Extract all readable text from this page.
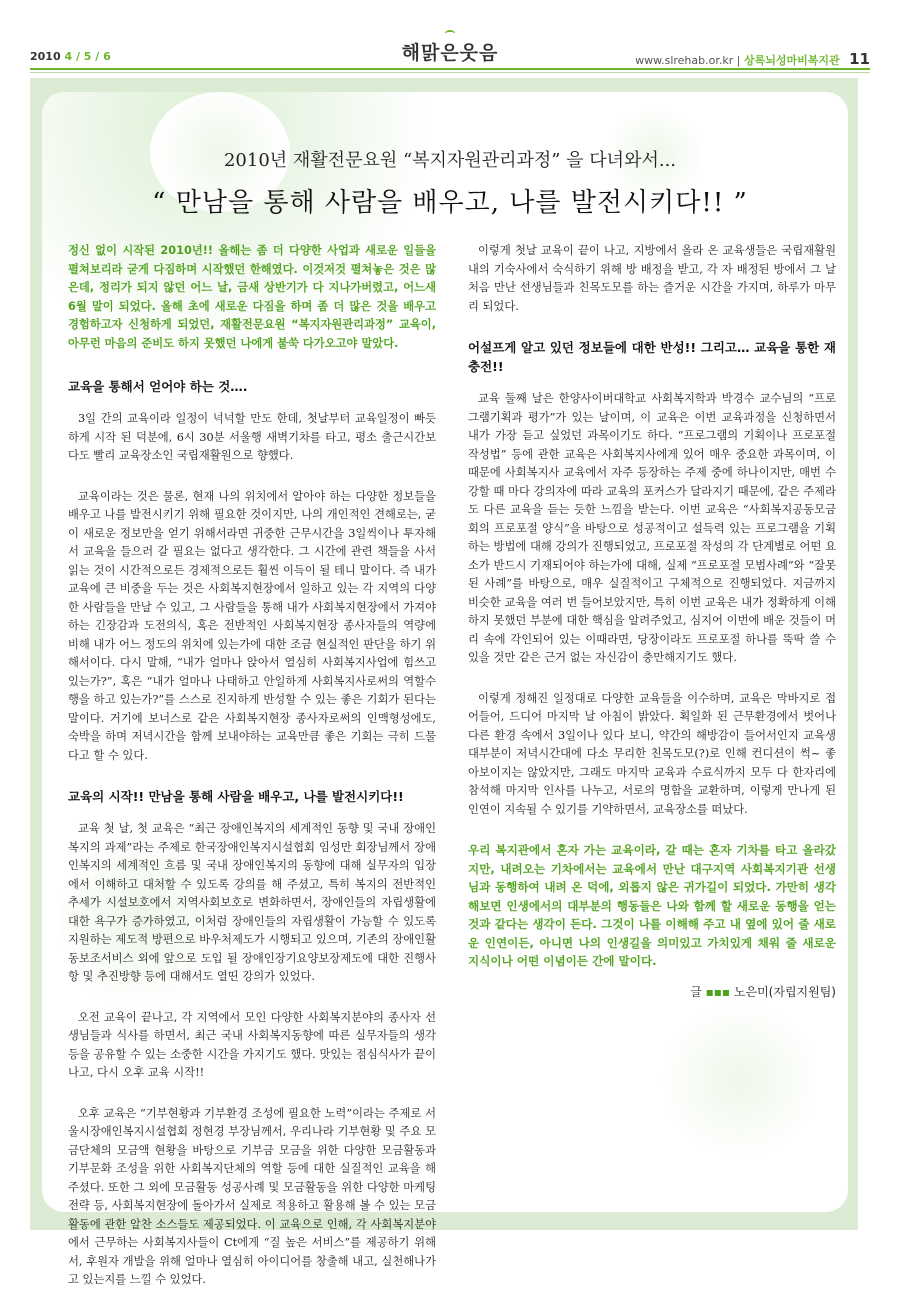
2010 4 / 5 / 6	해맑은웃음	www.slrehab.or.kr | 상록뇌성마비복지관 11
2010년 재활전문요원 “복지자원관리과정” 을 다녀와서...
“ 만남을 통해 사람을 배우고, 나를 발전시키다!! ”

정신 없이 시작된 2010년!! 올해는 좀 더 다양한 사업과 새로운 일들을 펼쳐보리라 굳게 다짐하며 시작했던 한해였다. 이것저것 펼쳐놓은 것은 많은데, 정리가 되지 않던 어느 날, 금새 상반기가 다 지나가버렸고, 어느새 6월 말이 되었다. 올해 초에 새로운 다짐을 하며 좀 더 많은 것을 배우고 경험하고자 신청하게 되었던, 재활전문요원 “복지자원관리과정” 교육이, 아무런 마음의 준비도 하지 못했던 나에게 불쑥 다가오고야 말았다.

교육을 통해서 얻어야 하는 것….

3일 간의 교육이라 일정이 넉넉할 만도 한데, 첫날부터 교육일정이 빠듯하게 시작 된 덕분에, 6시 30분 서울행 새벽기차를 타고, 평소 출근시간보다도 빨리 교육장소인 국립재활원으로 향했다.

교육이라는 것은 물론, 현재 나의 위치에서 알아야 하는 다양한 정보들을 배우고 나를 발전시키기 위해 필요한 것이지만, 나의 개인적인 견해로는, 굳이 새로운 정보만을 얻기 위해서라면 귀중한 근무시간을 3일씩이나 투자해서 교육을 들으러 갈 필요는 없다고 생각한다. 그 시간에 관련 책들을 사서 읽는 것이 시간적으로든 경제적으로든 훨씬 이득이 될 테니 말이다. 즉 내가 교육에 큰 비중을 두는 것은 사회복지현장에서 일하고 있는 각 지역의 다양한 사람들을 만날 수 있고, 그 사람들을 통해 내가 사회복지현장에서 가져야 하는 긴장감과 도전의식, 혹은 전반적인 사회복지현장 종사자들의 역량에 비해 내가 어느 정도의 위치에 있는가에 대한 조금 현실적인 판단을 하기 위해서이다. 다시 말해, “내가 얼마나 앉아서 열심히 사회복지사업에 힘쓰고 있는가?”, 혹은 “내가 얼마나 나태하고 안일하게 사회복지사로써의 역할수행을 하고 있는가?”를 스스로 진지하게 반성할 수 있는 좋은 기회가 된다는 말이다. 거기에 보너스로 같은 사회복지현장 종사자로써의 인맥형성에도, 숙박을 하며 저녁시간을 함께 보내야하는 교육만큼 좋은 기회는 극히 드물다고 할 수 있다.

교육의 시작!! 만남을 통해 사람을 배우고, 나를 발전시키다!!

교육 첫 날, 첫 교육은 “최근 장애인복지의 세계적인 동향 및 국내 장애인복지의 과제”라는 주제로 한국장애인복지시설협회 임성만 회장님께서 장애인복지의 세계적인 흐름 및 국내 장애인복지의 동향에 대해 실무자의 입장에서 이해하고 대처할 수 있도록 강의를 해 주셨고, 특히 복지의 전반적인 추세가 시설보호에서 지역사회보호로 변화하면서, 장애인들의 자립생활에 대한 욕구가 증가하였고, 이처럼 장애인들의 자립생활이 가능할 수 있도록 지원하는 제도적 방편으로 바우처제도가 시행되고 있으며, 기존의 장애인활동보조서비스 외에 앞으로 도입 될 장애인장기요양보장제도에 대한 진행사항 및 추진방향 등에 대해서도 열띤 강의가 있었다.

오전 교육이 끝나고, 각 지역에서 모인 다양한 사회복지분야의 종사자 선생님들과 식사를 하면서, 최근 국내 사회복지동향에 따른 실무자들의 생각 등을 공유할 수 있는 소중한 시간을 가지기도 했다. 맛있는 점심식사가 끝이 나고, 다시 오후 교육 시작!!

오후 교육은 “기부현황과 기부환경 조성에 필요한 노력”이라는 주제로 서울시장애인복지시설협회 정현경 부장님께서, 우리나라 기부현황 및 주요 모금단체의 모금액 현황을 바탕으로 기부금 모금을 위한 다양한 모금활동과 기부문화 조성을 위한 사회복지단체의 역할 등에 대한 실질적인 교육을 해 주셨다. 또한 그 외에 모금활동 성공사례 및 모금활동을 위한 다양한 마케팅전략 등, 사회복지현장에 돌아가서 실제로 적용하고 활용해 볼 수 있는 모금활동에 관한 알찬 소스들도 제공되었다. 이 교육으로 인해, 각 사회복지분야에서 근무하는 사회복지사들이 Ct에게 “질 높은 서비스”를 제공하기 위해서, 후원자 개발을 위해 얼마나 열심히 아이디어를 창출해 내고, 실천해나가고 있는지를 느낄 수 있었다.

이렇게 첫날 교육이 끝이 나고, 지방에서 올라 온 교육생들은 국립재활원 내의 기숙사에서 숙식하기 위해 방 배정을 받고, 각 자 배정된 방에서 그 날 처음 만난 선생님들과 친목도모를 하는 즐거운 시간을 가지며, 하루가 마무리 되었다.

어설프게 알고 있던 정보들에 대한 반성!! 그리고… 교육을 통한 재충전!!

교육 둘째 날은 한양사이버대학교 사회복지학과 박경수 교수님의 “프로그램기획과 평가”가 있는 날이며, 이 교육은 이번 교육과정을 신청하면서 내가 가장 듣고 싶었던 과목이기도 하다. “프로그램의 기획이나 프로포절 작성법” 등에 관한 교육은 사회복지사에게 있어 매우 중요한 과목이며, 이 때문에 사회복지사 교육에서 자주 등장하는 주제 중에 하나이지만, 매번 수강할 때 마다 강의자에 따라 교육의 포커스가 달라지기 때문에, 같은 주제라도 다른 교육을 듣는 듯한 느낌을 받는다. 이번 교육은 “사회복지공동모금회의 프로포절 양식”을 바탕으로 성공적이고 설득력 있는 프로그램을 기획하는 방법에 대해 강의가 진행되었고, 프로포절 작성의 각 단계별로 어떤 요소가 반드시 기재되어야 하는가에 대해, 실제 “프로포절 모범사례”와 “잘못된 사례”를 바탕으로, 매우 실질적이고 구체적으로 진행되었다. 지금까지 비슷한 교육을 여러 번 들어보았지만, 특히 이번 교육은 내가 정확하게 이해하지 못했던 부분에 대한 핵심을 알려주었고, 심지어 이번에 배운 것들이 머리 속에 각인되어 있는 이때라면, 당장이라도 프로포절 하나를 뚝딱 쓸 수 있을 것만 같은 근거 없는 자신감이 충만해지기도 했다.

이렇게 정해진 일정대로 다양한 교육들을 이수하며, 교육은 막바지로 접어들어, 드디어 마지막 날 아침이 밝았다. 획일화 된 근무환경에서 벗어나 다른 환경 속에서 3일이나 있다 보니, 약간의 해방감이 들어서인지 교육생 대부분이 저녁시간대에 다소 무리한 친목도모(?)로 인해 컨디션이 썩~ 좋아보이지는 않았지만, 그래도 마지막 교육과 수료식까지 모두 다 한자리에 참석해 마지막 인사를 나누고, 서로의 명함을 교환하며, 이렇게 만나게 된 인연이 지속될 수 있기를 기약하면서, 교육장소를 떠났다.

우리 복지관에서 혼자 가는 교육이라, 갈 때는 혼자 기차를 타고 올라갔지만, 내려오는 기차에서는 교육에서 만난 대구지역 사회복지기관 선생님과 동행하여 내려 온 덕에, 외롭지 않은 귀가길이 되었다. 가만히 생각해보면 인생에서의 대부분의 행동들은 나와 함께 할 새로운 동행을 얻는 것과 같다는 생각이 든다. 그것이 나를 이해해 주고 내 옆에 있어 줄 새로운 인연이든, 아니면 나의 인생길을 의미있고 가치있게 채워 줄 새로운 지식이나 어떤 이념이든 간에 말이다.

글 ▪▪▪ 노은미(자립지원팀)
